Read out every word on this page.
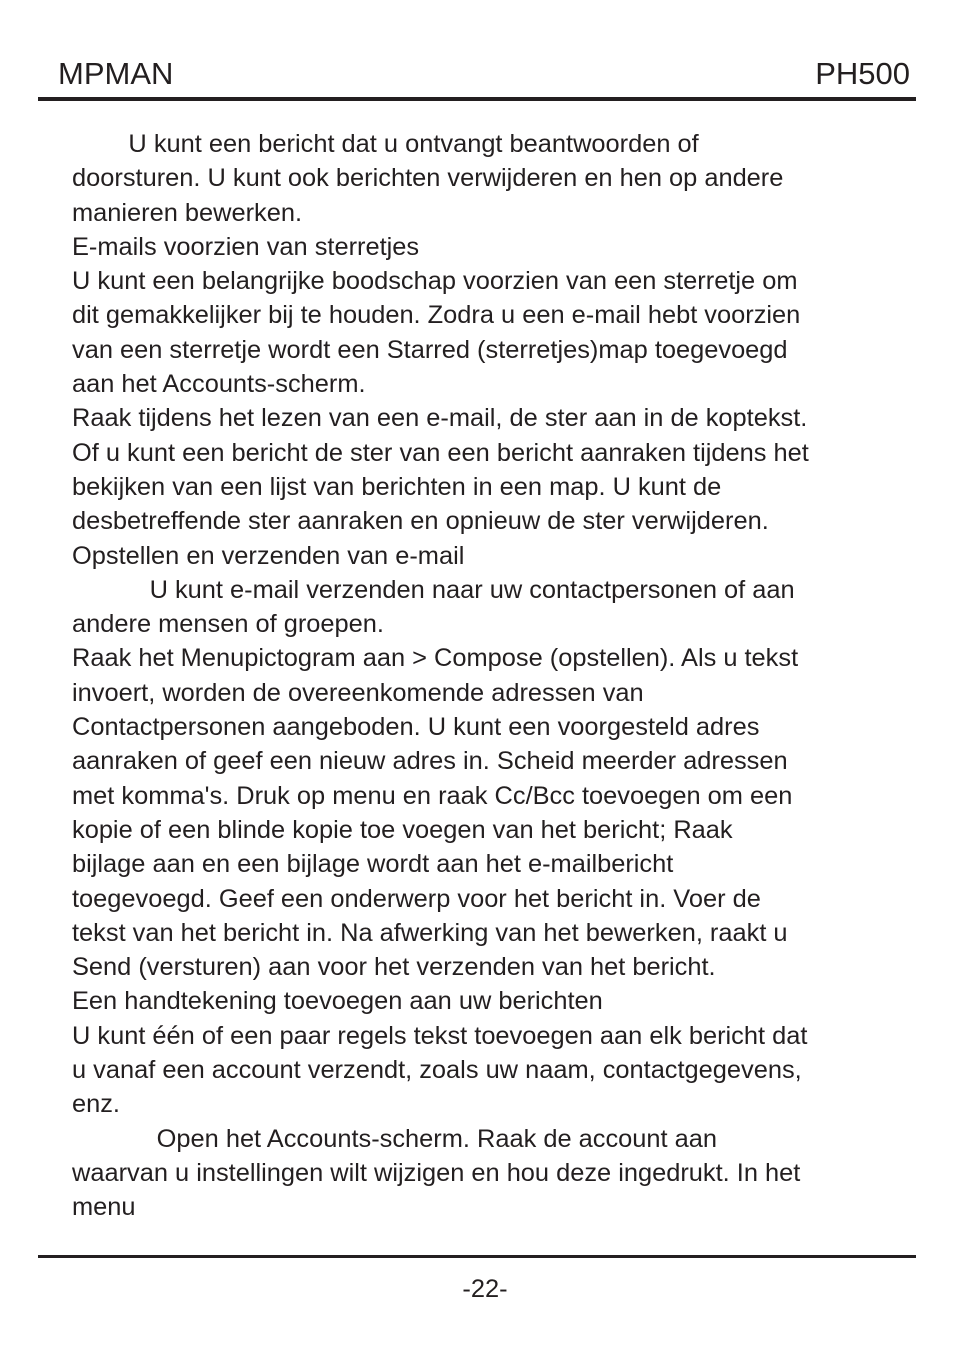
MPMAN	PH500

U kunt een bericht dat u ontvangt beantwoorden of

doorsturen. U kunt ook berichten verwijderen en hen op andere

manieren bewerken.

E-mails voorzien van sterretjes

U kunt een belangrijke boodschap voorzien van een sterretje om

dit gemakkelijker bij te houden. Zodra u een e-mail hebt voorzien

van een sterretje wordt een Starred (sterretjes)map toegevoegd

aan het Accounts-scherm.

Raak tijdens het lezen van een e-mail, de ster aan in de koptekst.

Of u kunt een bericht de ster van een bericht aanraken tijdens het

bekijken van een lijst van berichten in een map. U kunt de

desbetreffende ster aanraken en opnieuw de ster verwijderen.

Opstellen en verzenden van e-mail

U kunt e-mail verzenden naar uw contactpersonen of aan

andere mensen of groepen.

Raak het Menupictogram aan > Compose (opstellen). Als u tekst

invoert, worden de overeenkomende adressen van

Contactpersonen aangeboden. U kunt een voorgesteld adres

aanraken of geef een nieuw adres in. Scheid meerder adressen

met komma's. Druk op menu en raak Cc/Bcc toevoegen om een

kopie of een blinde kopie toe voegen van het bericht; Raak

bijlage aan en een bijlage wordt aan het e-mailbericht

toegevoegd. Geef een onderwerp voor het bericht in. Voer de

tekst van het bericht in. Na afwerking van het bewerken, raakt u

Send (versturen) aan voor het verzenden van het bericht.

Een handtekening toevoegen aan uw berichten

U kunt één of een paar regels tekst toevoegen aan elk bericht dat

u vanaf een account verzendt, zoals uw naam, contactgegevens,

enz.

Open het Accounts-scherm. Raak de account aan

waarvan u instellingen wilt wijzigen en hou deze ingedrukt. In het

menu

-22-
